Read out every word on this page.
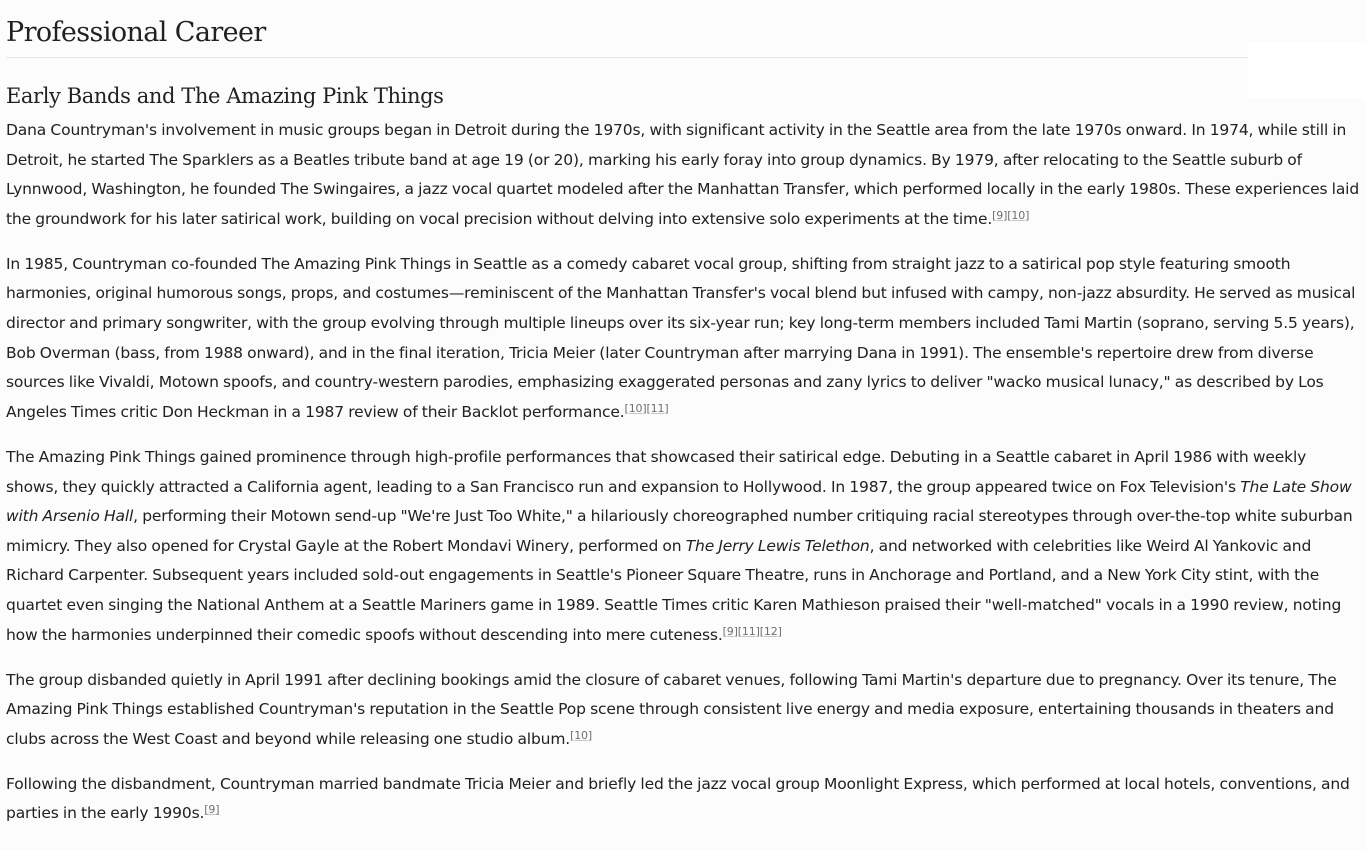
Professional Career
Early Bands and The Amazing Pink Things

Dana Countryman's involvement in music groups began in Detroit during the 1970s, with significant activity in the Seattle area from the late 1970s onward. In 1974, while still in Detroit, he started The Sparklers as a Beatles tribute band at age 19 (or 20), marking his early foray into group dynamics. By 1979, after relocating to the Seattle suburb of Lynnwood, Washington, he founded The Swingaires, a jazz vocal quartet modeled after the Manhattan Transfer, which performed locally in the early 1980s. These experiences laid the groundwork for his later satirical work, building on vocal precision without delving into extensive solo experiments at the time.[9][10]

In 1985, Countryman co-founded The Amazing Pink Things in Seattle as a comedy cabaret vocal group, shifting from straight jazz to a satirical pop style featuring smooth harmonies, original humorous songs, props, and costumes—reminiscent of the Manhattan Transfer's vocal blend but infused with campy, non-jazz absurdity. He served as musical director and primary songwriter, with the group evolving through multiple lineups over its six-year run; key long-term members included Tami Martin (soprano, serving 5.5 years), Bob Overman (bass, from 1988 onward), and in the final iteration, Tricia Meier (later Countryman after marrying Dana in 1991). The ensemble's repertoire drew from diverse sources like Vivaldi, Motown spoofs, and country-western parodies, emphasizing exaggerated personas and zany lyrics to deliver "wacko musical lunacy," as described by Los Angeles Times critic Don Heckman in a 1987 review of their Backlot performance.[10][11]

The Amazing Pink Things gained prominence through high-profile performances that showcased their satirical edge. Debuting in a Seattle cabaret in April 1986 with weekly shows, they quickly attracted a California agent, leading to a San Francisco run and expansion to Hollywood. In 1987, the group appeared twice on Fox Television's The Late Show with Arsenio Hall, performing their Motown send-up "We're Just Too White," a hilariously choreographed number critiquing racial stereotypes through over-the-top white suburban mimicry. They also opened for Crystal Gayle at the Robert Mondavi Winery, performed on The Jerry Lewis Telethon, and networked with celebrities like Weird Al Yankovic and Richard Carpenter. Subsequent years included sold-out engagements in Seattle's Pioneer Square Theatre, runs in Anchorage and Portland, and a New York City stint, with the quartet even singing the National Anthem at a Seattle Mariners game in 1989. Seattle Times critic Karen Mathieson praised their "well-matched" vocals in a 1990 review, noting how the harmonies underpinned their comedic spoofs without descending into mere cuteness.[9][11][12]

The group disbanded quietly in April 1991 after declining bookings amid the closure of cabaret venues, following Tami Martin's departure due to pregnancy. Over its tenure, The Amazing Pink Things established Countryman's reputation in the Seattle Pop scene through consistent live energy and media exposure, entertaining thousands in theaters and clubs across the West Coast and beyond while releasing one studio album.[10]

Following the disbandment, Countryman married bandmate Tricia Meier and briefly led the jazz vocal group Moonlight Express, which performed at local hotels, conventions, and parties in the early 1990s.[9]
